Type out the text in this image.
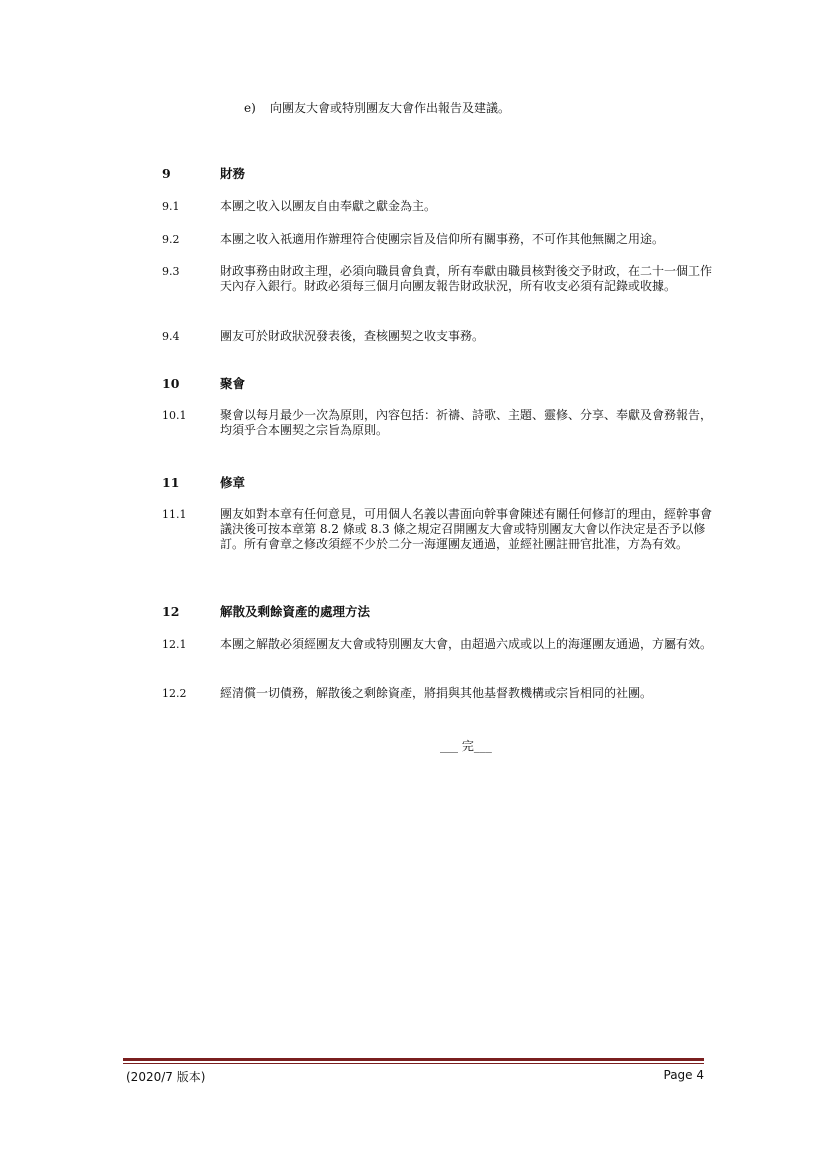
e) 向團友大會或特別團友大會作出報告及建議。
9	財務
9.1	本團之收入以團友自由奉獻之獻金為主。
9.2	本團之收入祇適用作辦理符合使團宗旨及信仰所有關事務，不可作其他無關之用途。
9.3	財政事務由財政主理，必須向職員會負責，所有奉獻由職員核對後交予財政，在二十一個工作天內存入銀行。財政必須每三個月向團友報告財政狀況，所有收支必須有記錄或收據。
9.4	團友可於財政狀況發表後，查核團契之收支事務。
10	聚會
10.1	聚會以每月最少一次為原則，內容包括：祈禱、詩歌、主題、靈修、分享、奉獻及會務報告，均須乎合本團契之宗旨為原則。
11	修章
11.1	團友如對本章有任何意見，可用個人名義以書面向幹事會陳述有關任何修訂的理由，經幹事會議決後可按本章第 8.2 條或 8.3 條之規定召開團友大會或特別團友大會以作決定是否予以修訂。所有會章之修改須經不少於二分一海運團友通過，並經社團註冊官批准，方為有效。
12	解散及剩餘資產的處理方法
12.1	本團之解散必須經團友大會或特別團友大會，由超過六成或以上的海運團友通過，方屬有效。
12.2	經清償一切債務，解散後之剩餘資產，將捐與其他基督教機構或宗旨相同的社團。
___ 完___
(2020/7 版本)	Page 4
